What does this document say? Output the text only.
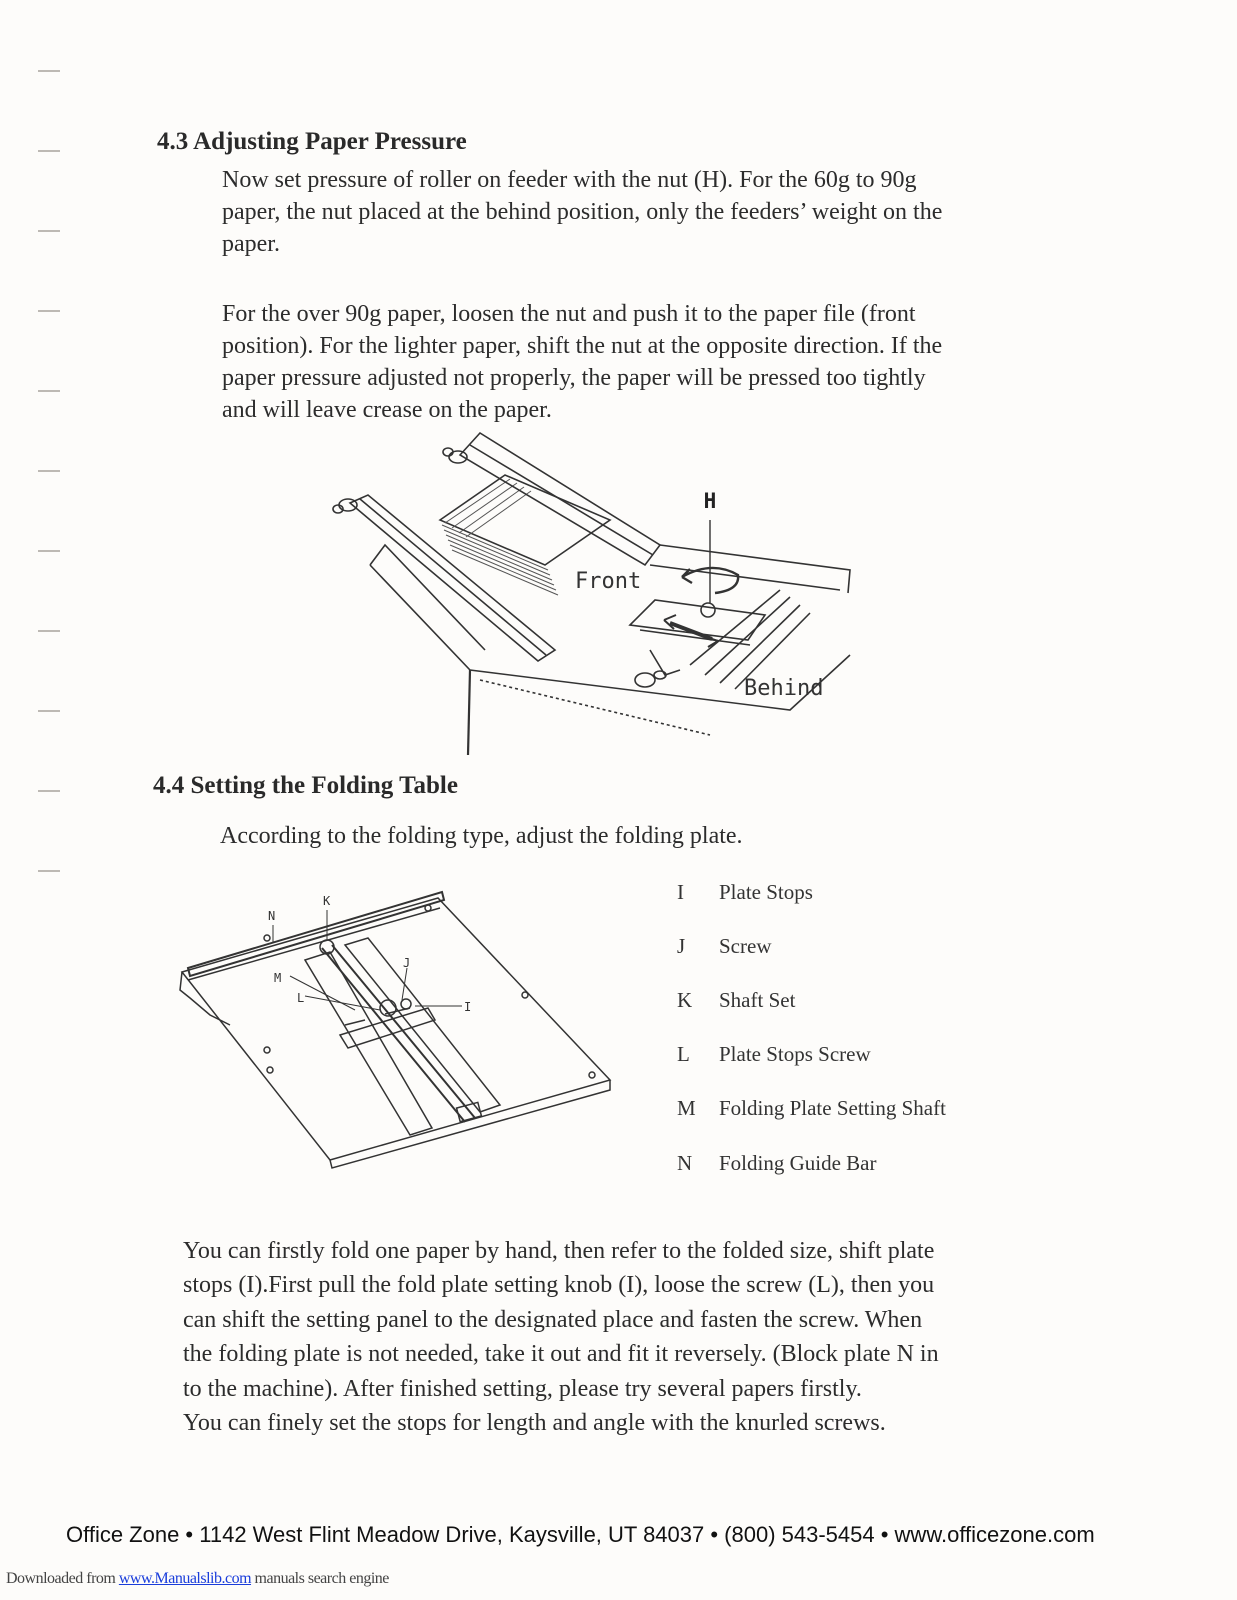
4.3 Adjusting Paper Pressure
Now set pressure of roller on feeder with the nut (H). For the 60g to 90g
paper, the nut placed at the behind position, only the feeders’ weight on the
paper.
For the over 90g paper, loosen the nut and push it to the paper file (front
position). For the lighter paper, shift the nut at the opposite direction. If the
paper pressure adjusted not properly, the paper will be pressed too tightly
and will leave crease on the paper.
H
Front
Behind
4.4 Setting the Folding Table
According to the folding type, adjust the folding plate.
N
K
M
J
L
I
I	Plate Stops
J	Screw
K	Shaft Set
L	Plate Stops Screw
M	Folding Plate Setting Shaft
N	Folding Guide Bar
You can firstly fold one paper by hand, then refer to the folded size, shift plate
stops (I).First pull the fold plate setting knob (I), loose the screw (L), then you
can shift the setting panel to the designated place and fasten the screw. When
the folding plate is not needed, take it out and fit it reversely. (Block plate N in
to the machine). After finished setting, please try several papers firstly.
You can finely set the stops for length and angle with the knurled screws.
Office Zone • 1142 West Flint Meadow Drive, Kaysville, UT 84037 • (800) 543-5454 • www.officezone.com
Downloaded from www.Manualslib.com manuals search engine
